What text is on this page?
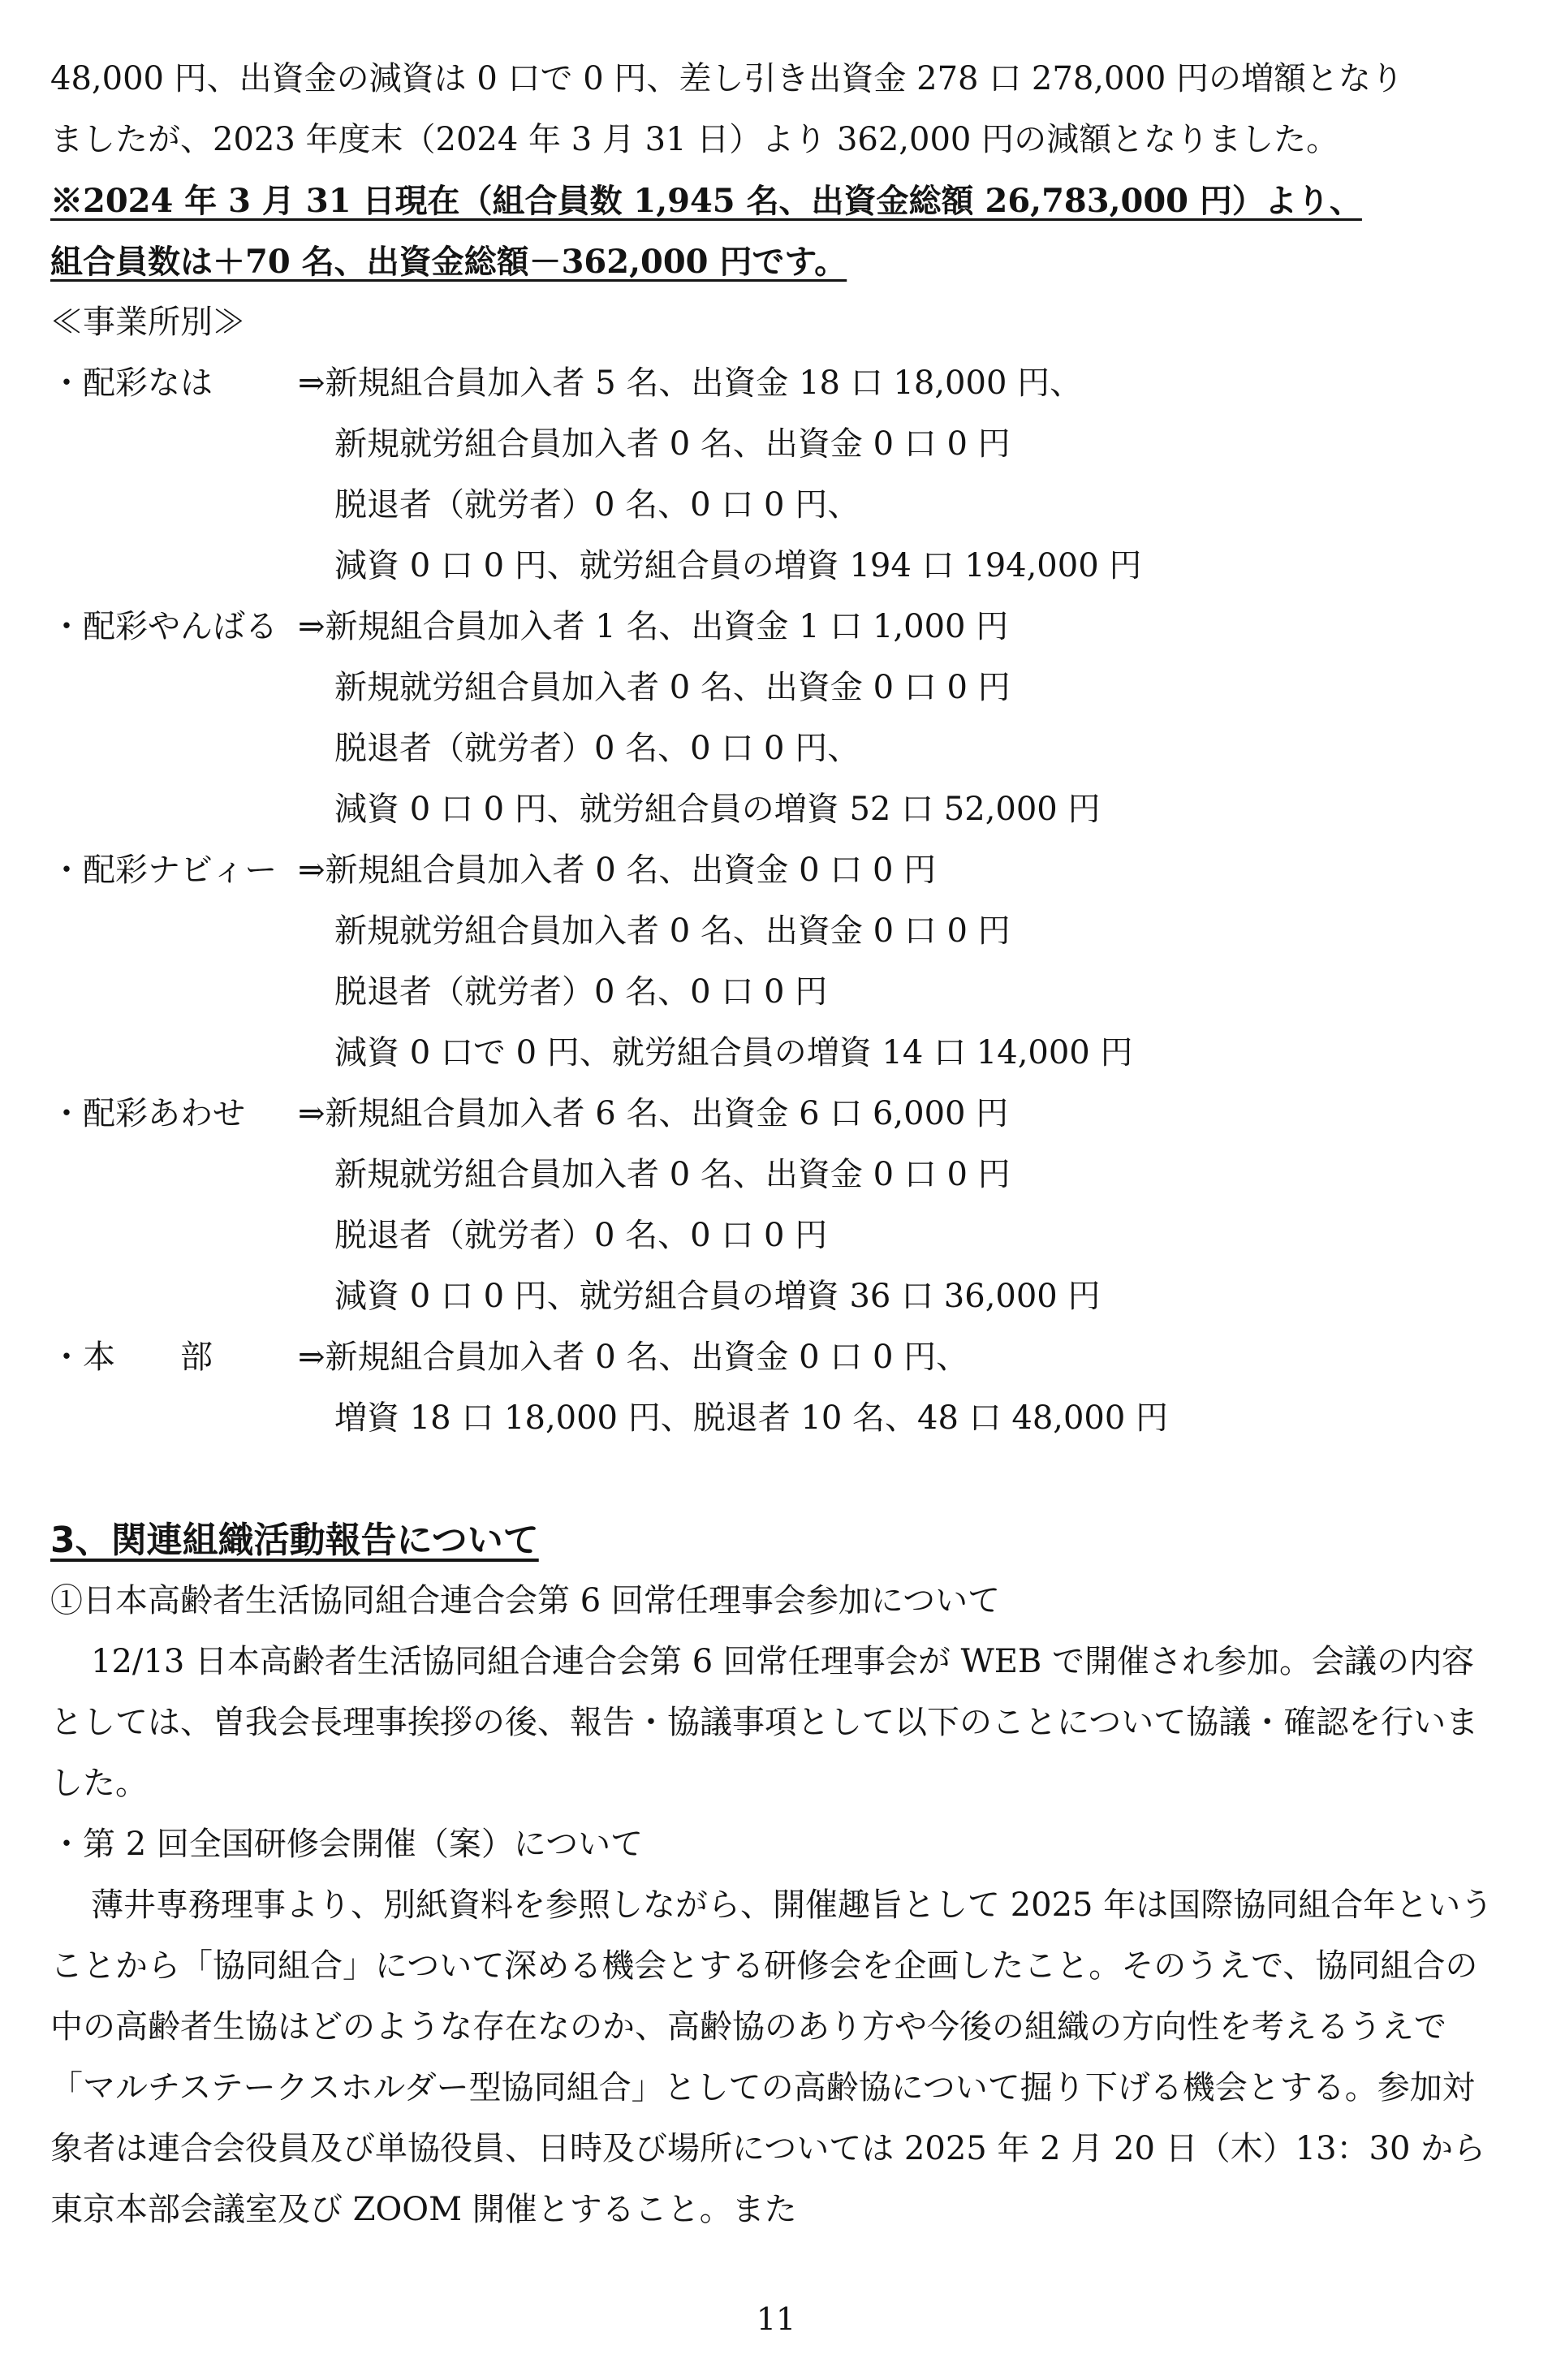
48,000 円、出資金の減資は 0 口で 0 円、差し引き出資金 278 口 278,000 円の増額となり
ましたが、2023 年度末（2024 年 3 月 31 日）より 362,000 円の減額となりました。
※2024 年 3 月 31 日現在（組合員数 1,945 名、出資金総額 26,783,000 円）より、
組合員数は＋70 名、出資金総額－362,000 円です。
≪事業所別≫
・配彩なは	⇒新規組合員加入者 5 名、出資金 18 口 18,000 円、
新規就労組合員加入者 0 名、出資金 0 口 0 円
脱退者（就労者）0 名、0 口 0 円、
減資 0 口 0 円、就労組合員の増資 194 口 194,000 円
・配彩やんばる ⇒新規組合員加入者 1 名、出資金 1 口 1,000 円
新規就労組合員加入者 0 名、出資金 0 口 0 円
脱退者（就労者）0 名、0 口 0 円、
減資 0 口 0 円、就労組合員の増資 52 口 52,000 円
・配彩ナビィー ⇒新規組合員加入者 0 名、出資金 0 口 0 円
新規就労組合員加入者 0 名、出資金 0 口 0 円
脱退者（就労者）0 名、0 口 0 円
減資 0 口で 0 円、就労組合員の増資 14 口 14,000 円
・配彩あわせ ⇒新規組合員加入者 6 名、出資金 6 口 6,000 円
新規就労組合員加入者 0 名、出資金 0 口 0 円
脱退者（就労者）0 名、0 口 0 円
減資 0 口 0 円、就労組合員の増資 36 口 36,000 円
・本　　部	⇒新規組合員加入者 0 名、出資金 0 口 0 円、
増資 18 口 18,000 円、脱退者 10 名、48 口 48,000 円
3、関連組織活動報告について
①日本高齢者生活協同組合連合会第 6 回常任理事会参加について
12/13 日本高齢者生活協同組合連合会第 6 回常任理事会が WEB で開催され参加。会議の内容としては、曽我会長理事挨拶の後、報告・協議事項として以下のことについて協議・確認を行いました。
・第 2 回全国研修会開催（案）について
薄井専務理事より、別紙資料を参照しながら、開催趣旨として 2025 年は国際協同組合年ということから「協同組合」について深める機会とする研修会を企画したこと。そのうえで、協同組合の中の高齢者生協はどのような存在なのか、高齢協のあり方や今後の組織の方向性を考えるうえで「マルチステークスホルダー型協同組合」としての高齢協について掘り下げる機会とする。参加対象者は連合会役員及び単協役員、日時及び場所については 2025 年 2 月 20 日（木）13：30 から東京本部会議室及び ZOOM 開催とすること。また
11
